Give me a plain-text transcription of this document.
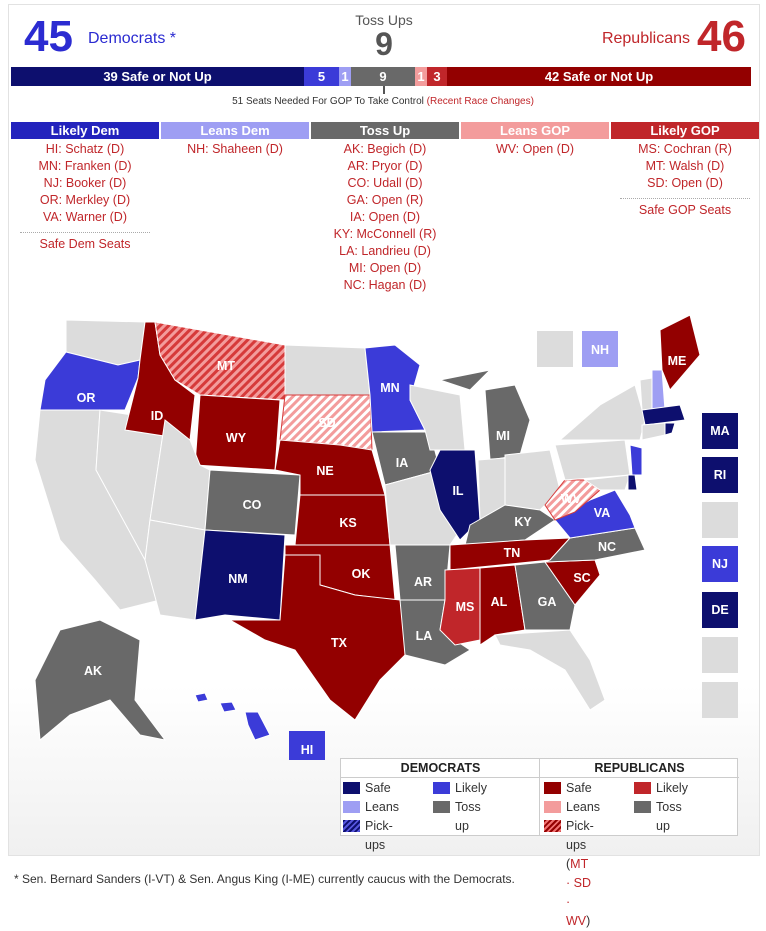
45 Democrats *
Toss Ups
9	Republicans 46
39 Safe or Not Up	5	1	9	1 3	42 Safe or Not Up
51 Seats Needed For GOP To Take Control (Recent Race Changes)
Likely Dem
HI: Schatz (D)
MN: Franken (D)
NJ: Booker (D)
OR: Merkley (D)
VA: Warner (D)
Safe Dem Seats
Leans Dem
NH: Shaheen (D)
Toss Up
AK: Begich (D)
AR: Pryor (D)
CO: Udall (D)
GA: Open (R)
IA: Open (D)
KY: McConnell (R)
LA: Landrieu (D)
MI: Open (D)
NC: Hagan (D)
Leans GOP
WV: Open (D)
Likely GOP
MS: Cochran (R)
MT: Walsh (D)
SD: Open (D)
Safe GOP Seats
OR
ID
MT
WY
SD
NE
MN
IA
MI
IL
KY
CO
KS
NM	OK
TX
AR
TN
MS AL GA
LA
SC
NC
VA
WV
ME
AK
HI
NH
MA
RI
NJ
DE
DEMOCRATS	REPUBLICANS
Safe	Likely
Leans	Toss up
Pick-ups
Safe	Likely
Leans	Toss up
Pick-ups (MT · SD · WV)
* Sen. Bernard Sanders (I-VT) & Sen. Angus King (I-ME) currently caucus with the Democrats.
